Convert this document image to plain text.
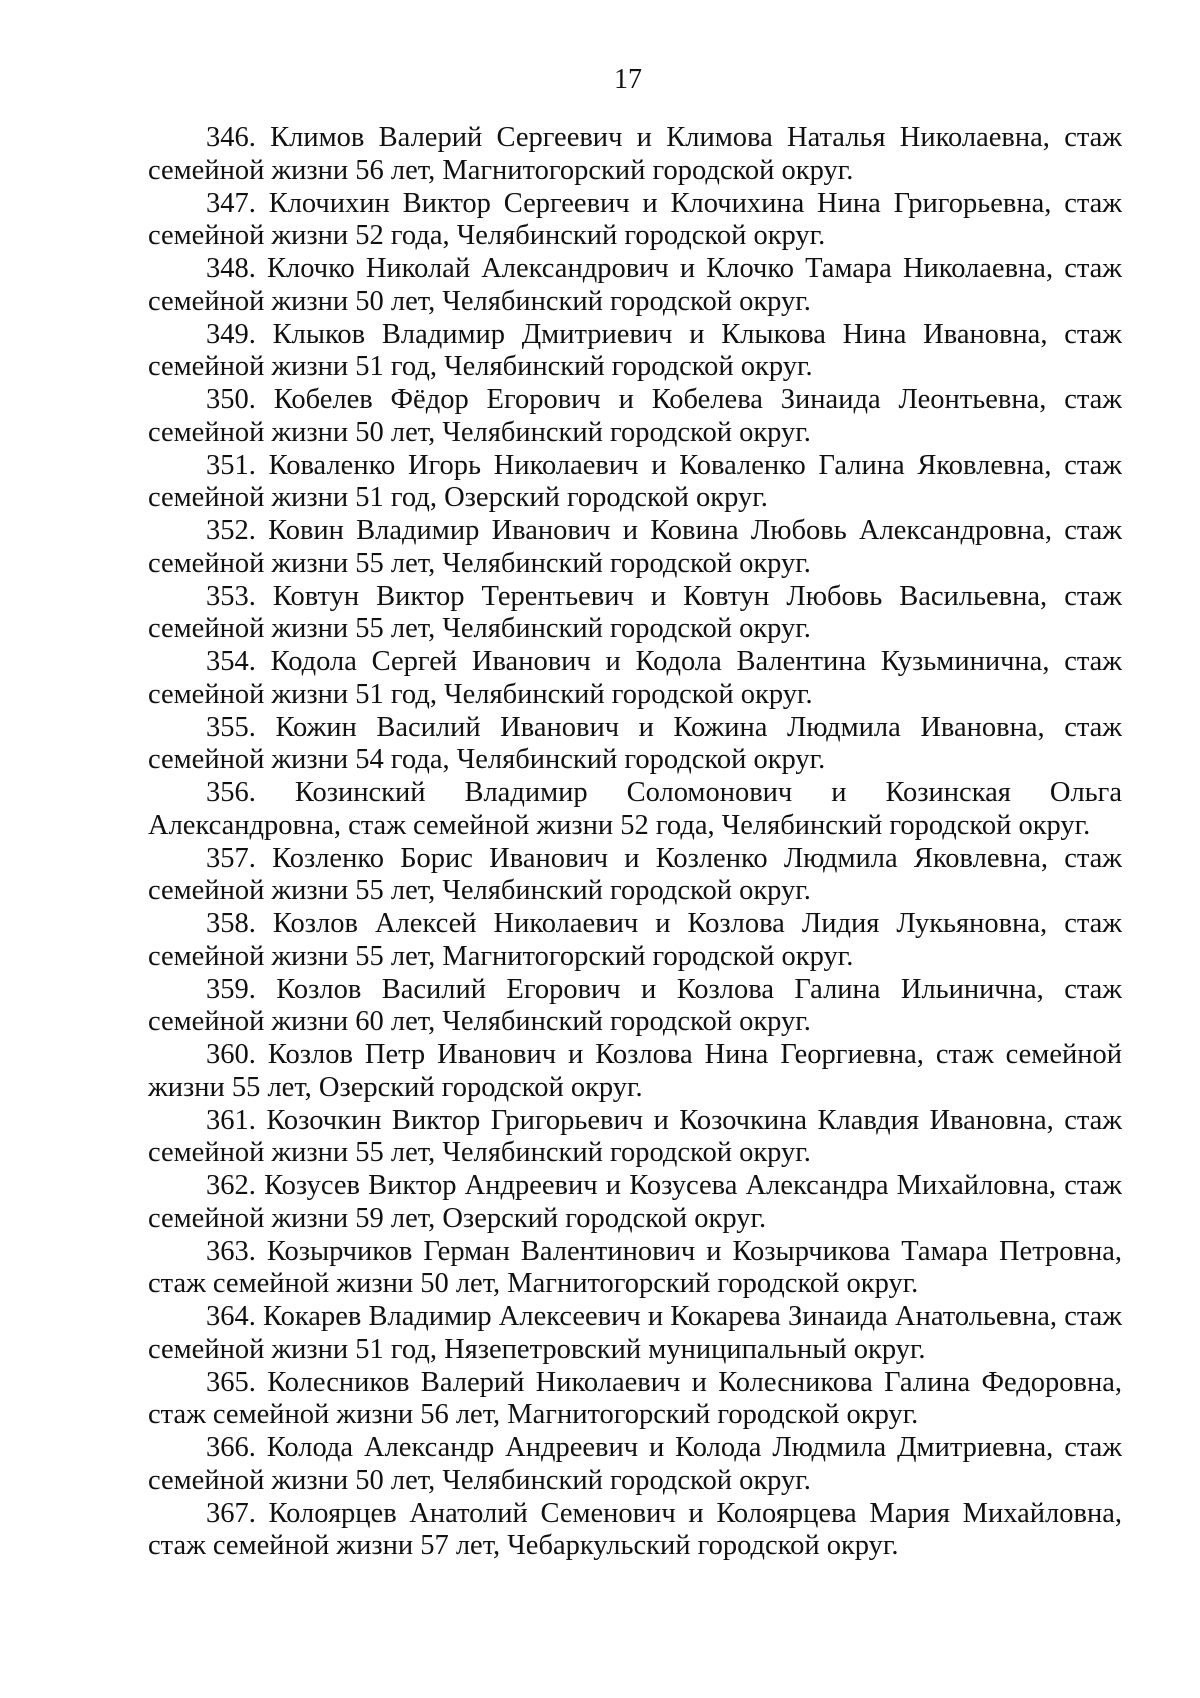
17

346. Климов Валерий Сергеевич и Климова Наталья Николаевна, стаж семейной жизни 56 лет, Магнитогорский городской округ.

347. Клочихин Виктор Сергеевич и Клочихина Нина Григорьевна, стаж семейной жизни 52 года, Челябинский городской округ.

348. Клочко Николай Александрович и Клочко Тамара Николаевна, стаж семейной жизни 50 лет, Челябинский городской округ.

349. Клыков Владимир Дмитриевич и Клыкова Нина Ивановна, стаж семейной жизни 51 год, Челябинский городской округ.

350. Кобелев Фёдор Егорович и Кобелева Зинаида Леонтьевна, стаж семейной жизни 50 лет, Челябинский городской округ.

351. Коваленко Игорь Николаевич и Коваленко Галина Яковлевна, стаж семейной жизни 51 год, Озерский городской округ.

352. Ковин Владимир Иванович и Ковина Любовь Александровна, стаж семейной жизни 55 лет, Челябинский городской округ.

353. Ковтун Виктор Терентьевич и Ковтун Любовь Васильевна, стаж семейной жизни 55 лет, Челябинский городской округ.

354. Кодола Сергей Иванович и Кодола Валентина Кузьминична, стаж семейной жизни 51 год, Челябинский городской округ.

355. Кожин Василий Иванович и Кожина Людмила Ивановна, стаж семейной жизни 54 года, Челябинский городской округ.

356. Козинский Владимир Соломонович и Козинская Ольга Александровна, стаж семейной жизни 52 года, Челябинский городской округ.

357. Козленко Борис Иванович и Козленко Людмила Яковлевна, стаж семейной жизни 55 лет, Челябинский городской округ.

358. Козлов Алексей Николаевич и Козлова Лидия Лукьяновна, стаж семейной жизни 55 лет, Магнитогорский городской округ.

359. Козлов Василий Егорович и Козлова Галина Ильинична, стаж семейной жизни 60 лет, Челябинский городской округ.

360. Козлов Петр Иванович и Козлова Нина Георгиевна, стаж семейной жизни 55 лет, Озерский городской округ.

361. Козочкин Виктор Григорьевич и Козочкина Клавдия Ивановна, стаж семейной жизни 55 лет, Челябинский городской округ.

362. Козусев Виктор Андреевич и Козусева Александра Михайловна, стаж семейной жизни 59 лет, Озерский городской округ.

363. Козырчиков Герман Валентинович и Козырчикова Тамара Петровна, стаж семейной жизни 50 лет, Магнитогорский городской округ.

364. Кокарев Владимир Алексеевич и Кокарева Зинаида Анатольевна, стаж семейной жизни 51 год, Нязепетровский муниципальный округ.

365. Колесников Валерий Николаевич и Колесникова Галина Федоровна, стаж семейной жизни 56 лет, Магнитогорский городской округ.

366. Колода Александр Андреевич и Колода Людмила Дмитриевна, стаж семейной жизни 50 лет, Челябинский городской округ.

367. Колоярцев Анатолий Семенович и Колоярцева Мария Михайловна, стаж семейной жизни 57 лет, Чебаркульский городской округ.
